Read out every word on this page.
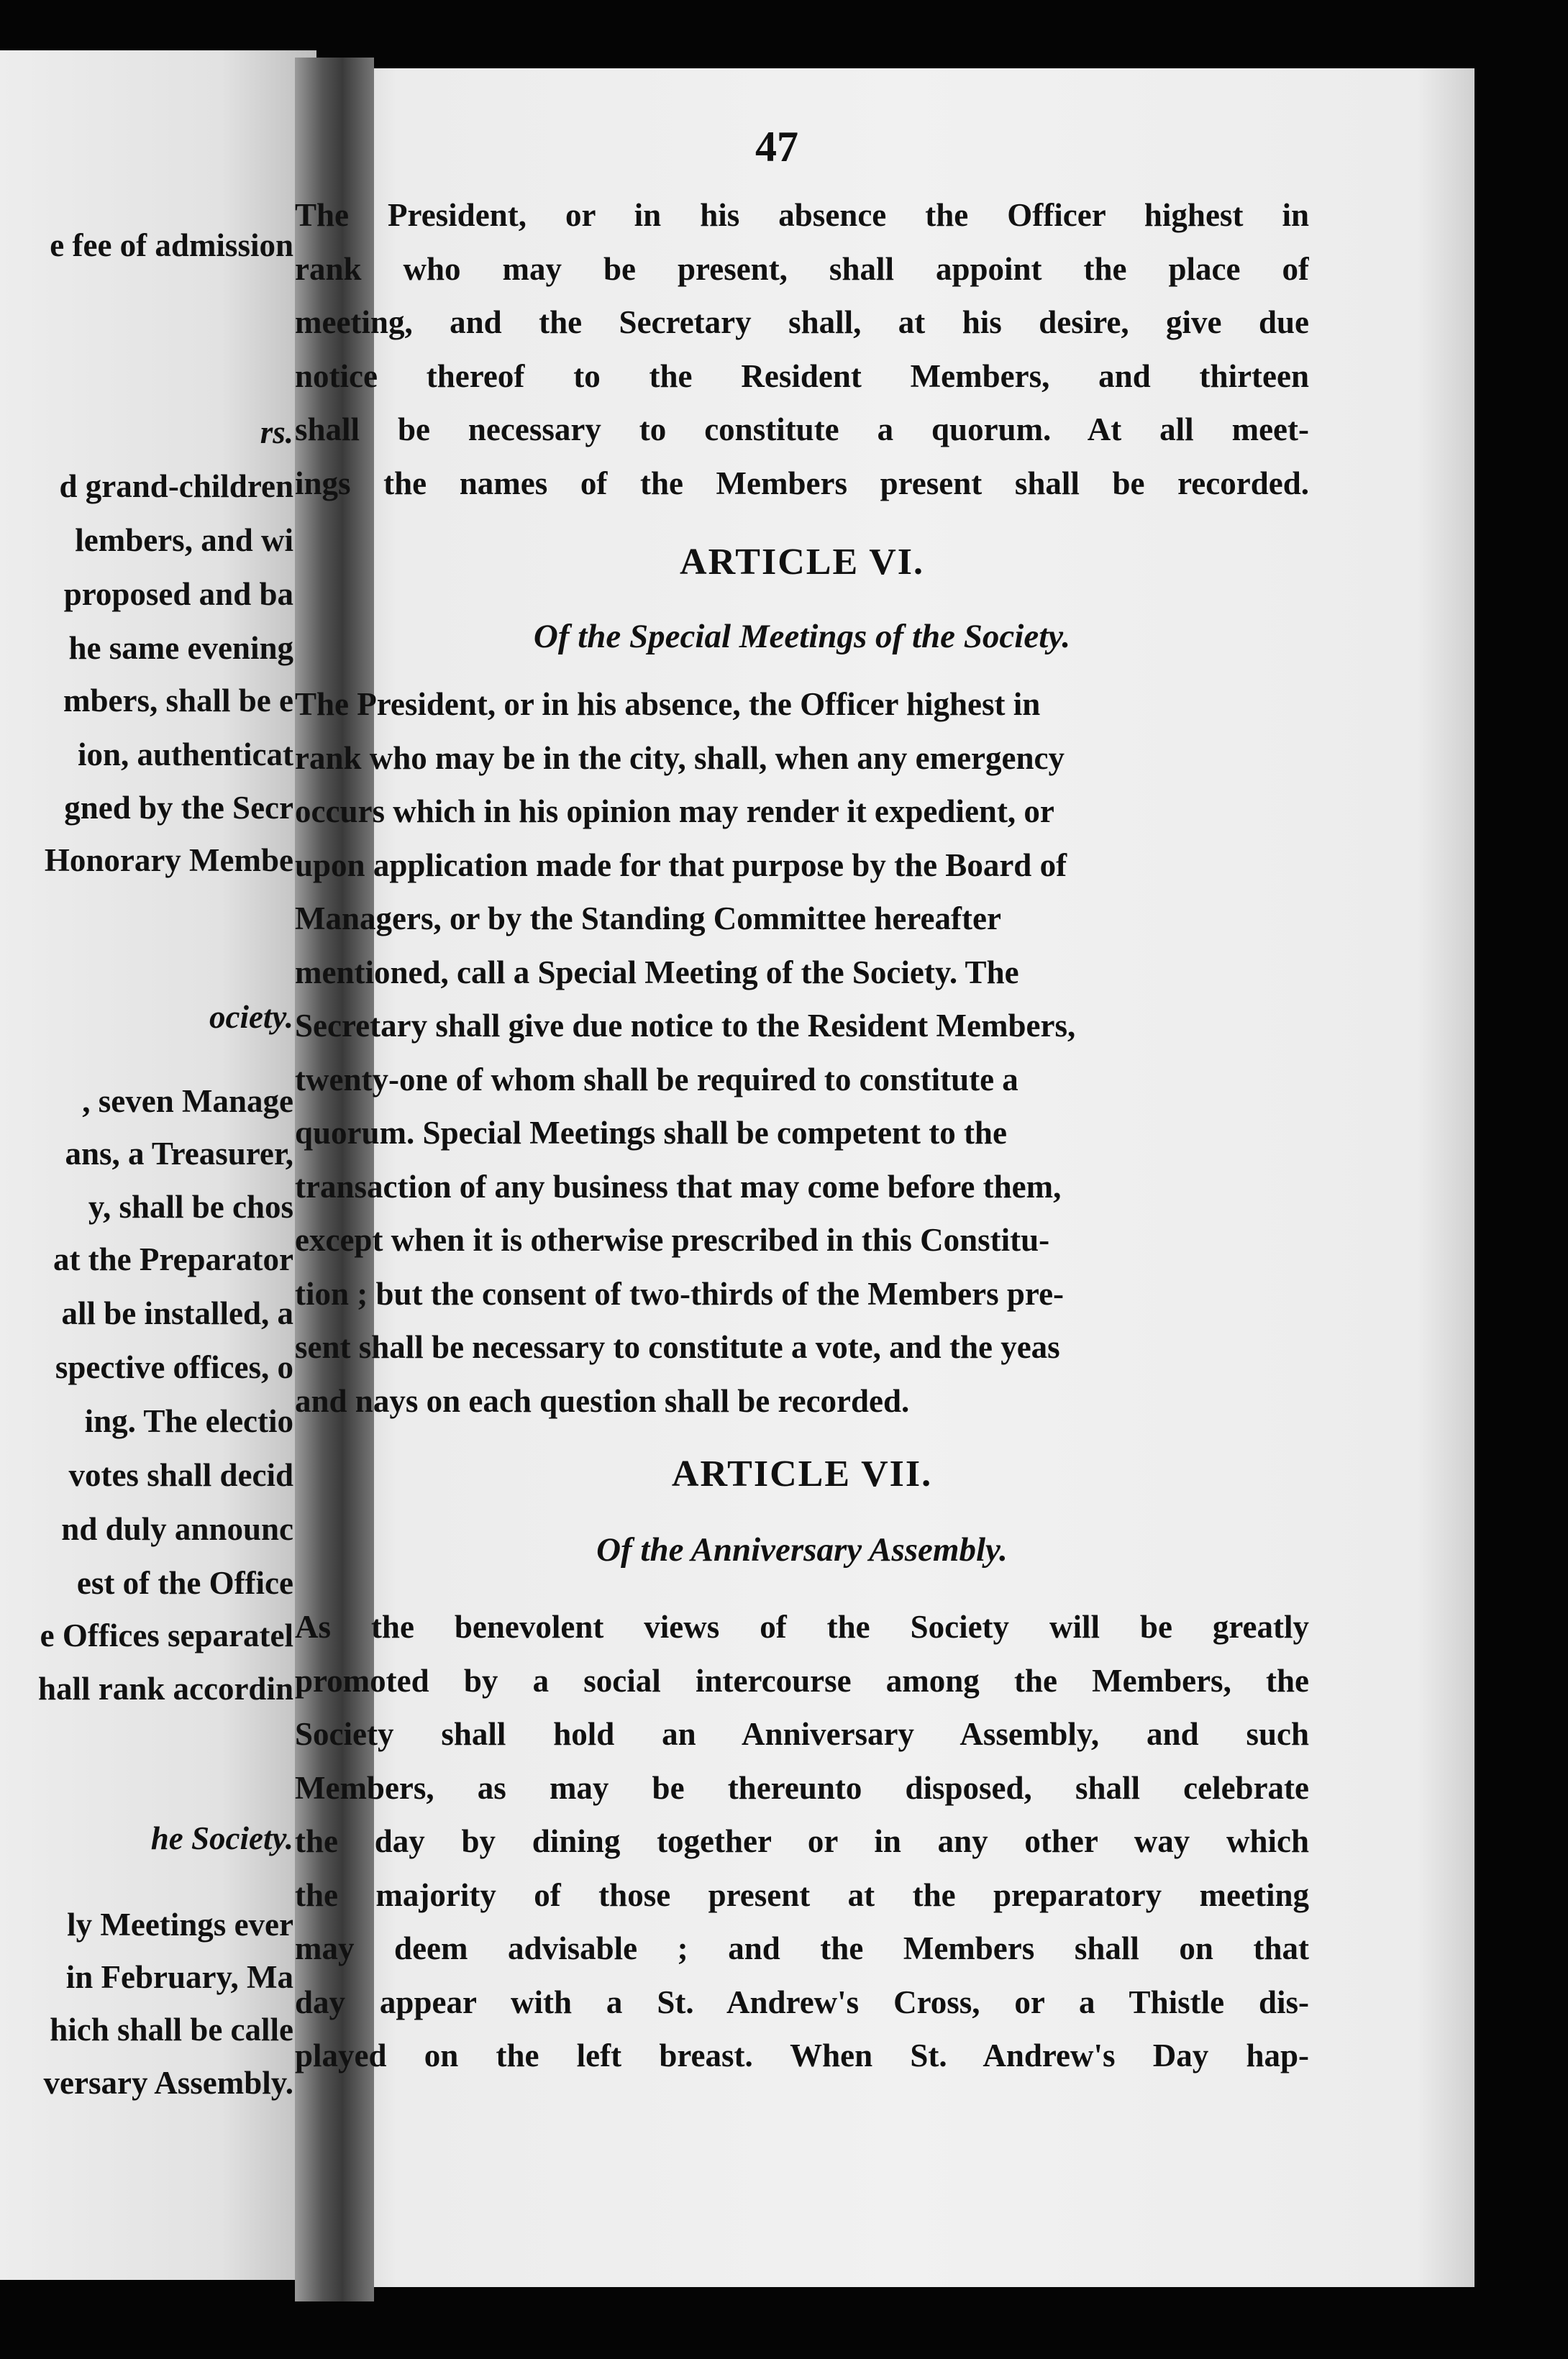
e fee of admission

rs.

d grand-children

lembers, and wi

proposed and ba

he same evening

mbers, shall be e

ion, authenticat

gned by the Secr

Honorary Membe

ociety.

, seven Manage

ans, a Treasurer,

y, shall be chos

at the Preparator

all be installed, a

spective offices, o

ing. The electio

votes shall decid

nd duly announc

est of the Office

e Offices separatel

hall rank accordin

he Society.

ly Meetings ever

in February, Ma

hich shall be calle

versary Assembly.

47

The President, or in his absence the Officer highest in
rank who may be present, shall appoint the place of
meeting, and the Secretary shall, at his desire, give due
notice thereof to the Resident Members, and thirteen
shall be necessary to constitute a quorum. At all meet-
ings the names of the Members present shall be recorded.

ARTICLE VI.

Of the Special Meetings of the Society.

The President, or in his absence, the Officer highest in
rank who may be in the city, shall, when any emergency
occurs which in his opinion may render it expedient, or
upon application made for that purpose by the Board of
Managers, or by the Standing Committee hereafter
mentioned, call a Special Meeting of the Society. The
Secretary shall give due notice to the Resident Members,
twenty-one of whom shall be required to constitute a
quorum. Special Meetings shall be competent to the
transaction of any business that may come before them,
except when it is otherwise prescribed in this Constitu-
tion ; but the consent of two-thirds of the Members pre-
sent shall be necessary to constitute a vote, and the yeas
and nays on each question shall be recorded.

ARTICLE VII.

Of the Anniversary Assembly.

As the benevolent views of the Society will be greatly
promoted by a social intercourse among the Members, the
Society shall hold an Anniversary Assembly, and such
Members, as may be thereunto disposed, shall celebrate
the day by dining together or in any other way which
the majority of those present at the preparatory meeting
may deem advisable ; and the Members shall on that
day appear with a St. Andrew's Cross, or a Thistle dis-
played on the left breast. When St. Andrew's Day hap-
